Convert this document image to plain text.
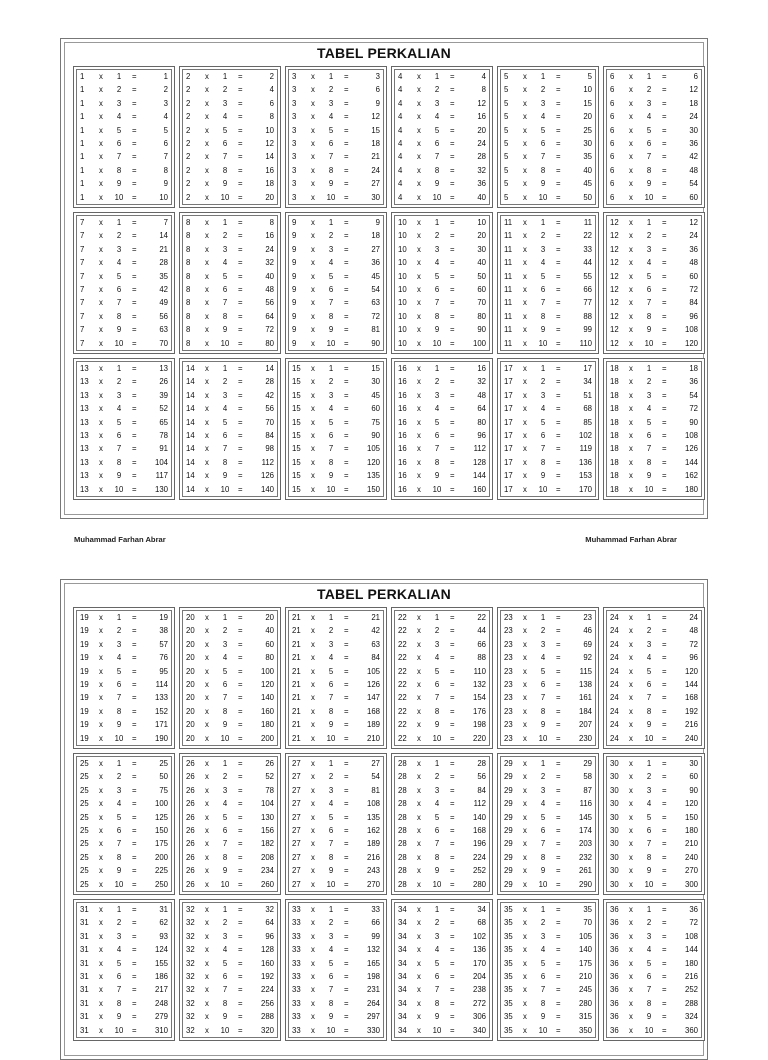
TABEL PERKALIAN
1 x	1	=	1
1 x	2	=	2
1 x	3	=	3
1 x	4	=	4
1 x	5	=	5
1 x	6	=	6
1 x	7	=	7
1 x	8	=	8
1 x	9	=	9
1 x	10	=	10
2 x	1	=	2
2 x	2	=	4
2 x	3	=	6
2 x	4	=	8
2 x	5	=	10
2 x	6	=	12
2 x	7	=	14
2 x	8	=	16
2 x	9	=	18
2 x	10	=	20
3 x	1	=	3
3 x	2	=	6
3 x	3	=	9
3 x	4	=	12
3 x	5	=	15
3 x	6	=	18
3 x	7	=	21
3 x	8	=	24
3 x	9	=	27
3 x	10	=	30
4 x	1	=	4
4 x	2	=	8
4 x	3	=	12
4 x	4	=	16
4 x	5	=	20
4 x	6	=	24
4 x	7	=	28
4 x	8	=	32
4 x	9	=	36
4 x	10	=	40
5 x	1	=	5
5 x	2	=	10
5 x	3	=	15
5 x	4	=	20
5 x	5	=	25
5 x	6	=	30
5 x	7	=	35
5 x	8	=	40
5 x	9	=	45
5 x	10	=	50
6 x	1	=	6
6 x	2	=	12
6 x	3	=	18
6 x	4	=	24
6 x	5	=	30
6 x	6	=	36
6 x	7	=	42
6 x	8	=	48
6 x	9	=	54
6 x	10	=	60
7 x	1	=	7
7 x	2	=	14
7 x	3	=	21
7 x	4	=	28
7 x	5	=	35
7 x	6	=	42
7 x	7	=	49
7 x	8	=	56
7 x	9	=	63
7 x	10	=	70
8 x	1	=	8
8 x	2	=	16
8 x	3	=	24
8 x	4	=	32
8 x	5	=	40
8 x	6	=	48
8 x	7	=	56
8 x	8	=	64
8 x	9	=	72
8 x	10	=	80
9 x	1	=	9
9 x	2	=	18
9 x	3	=	27
9 x	4	=	36
9 x	5	=	45
9 x	6	=	54
9 x	7	=	63
9 x	8	=	72
9 x	9	=	81
9 x	10	=	90
10 x	1	=	10
10 x	2	=	20
10 x	3	=	30
10 x	4	=	40
10 x	5	=	50
10 x	6	=	60
10 x	7	=	70
10 x	8	=	80
10 x	9	=	90
10 x	10	= 100
11 x	1	=	11
11 x	2	=	22
11 x	3	=	33
11 x	4	=	44
11 x	5	=	55
11 x	6	=	66
11 x	7	=	77
11 x	8	=	88
11 x	9	=	99
11 x	10	= 110
12 x	1	=	12
12 x	2	=	24
12 x	3	=	36
12 x	4	=	48
12 x	5	=	60
12 x	6	=	72
12 x	7	=	84
12 x	8	=	96
12 x	9	= 108
12 x	10	= 120
13 x	1	=	13
13 x	2	=	26
13 x	3	=	39
13 x	4	=	52
13 x	5	=	65
13 x	6	=	78
13 x	7	=	91
13 x	8	= 104
13 x	9	= 117
13 x	10	= 130
14 x	1	=	14
14 x	2	=	28
14 x	3	=	42
14 x	4	=	56
14 x	5	=	70
14 x	6	=	84
14 x	7	=	98
14 x	8	= 112
14 x	9	= 126
14 x	10	= 140
15 x	1	=	15
15 x	2	=	30
15 x	3	=	45
15 x	4	=	60
15 x	5	=	75
15 x	6	=	90
15 x	7	= 105
15 x	8	= 120
15 x	9	= 135
15 x	10	= 150
16 x	1	=	16
16 x	2	=	32
16 x	3	=	48
16 x	4	=	64
16 x	5	=	80
16 x	6	=	96
16 x	7	= 112
16 x	8	= 128
16 x	9	= 144
16 x	10	= 160
17 x	1	=	17
17 x	2	=	34
17 x	3	=	51
17 x	4	=	68
17 x	5	=	85
17 x	6	= 102
17 x	7	= 119
17 x	8	= 136
17 x	9	= 153
17 x	10	= 170
18 x	1	=	18
18 x	2	=	36
18 x	3	=	54
18 x	4	=	72
18 x	5	=	90
18 x	6	= 108
18 x	7	= 126
18 x	8	= 144
18 x	9	= 162
18 x	10	= 180
Muhammad Farhan Abrar	Muhammad Farhan Abrar
TABEL PERKALIAN
19 x	1	=	19
19 x	2	=	38
19 x	3	=	57
19 x	4	=	76
19 x	5	=	95
19 x	6	= 114
19 x	7	= 133
19 x	8	= 152
19 x	9	= 171
19 x	10	= 190
20 x	1	=	20
20 x	2	=	40
20 x	3	=	60
20 x	4	=	80
20 x	5	= 100
20 x	6	= 120
20 x	7	= 140
20 x	8	= 160
20 x	9	= 180
20 x	10	= 200
21 x	1	=	21
21 x	2	=	42
21 x	3	=	63
21 x	4	=	84
21 x	5	= 105
21 x	6	= 126
21 x	7	= 147
21 x	8	= 168
21 x	9	= 189
21 x	10	= 210
22 x	1	=	22
22 x	2	=	44
22 x	3	=	66
22 x	4	=	88
22 x	5	= 110
22 x	6	= 132
22 x	7	= 154
22 x	8	= 176
22 x	9	= 198
22 x	10	= 220
23 x	1	=	23
23 x	2	=	46
23 x	3	=	69
23 x	4	=	92
23 x	5	= 115
23 x	6	= 138
23 x	7	= 161
23 x	8	= 184
23 x	9	= 207
23 x	10	= 230
24 x	1	=	24
24 x	2	=	48
24 x	3	=	72
24 x	4	=	96
24 x	5	= 120
24 x	6	= 144
24 x	7	= 168
24 x	8	= 192
24 x	9	= 216
24 x	10	= 240
25 x	1	=	25
25 x	2	=	50
25 x	3	=	75
25 x	4	= 100
25 x	5	= 125
25 x	6	= 150
25 x	7	= 175
25 x	8	= 200
25 x	9	= 225
25 x	10	= 250
26 x	1	=	26
26 x	2	=	52
26 x	3	=	78
26 x	4	= 104
26 x	5	= 130
26 x	6	= 156
26 x	7	= 182
26 x	8	= 208
26 x	9	= 234
26 x	10	= 260
27 x	1	=	27
27 x	2	=	54
27 x	3	=	81
27 x	4	= 108
27 x	5	= 135
27 x	6	= 162
27 x	7	= 189
27 x	8	= 216
27 x	9	= 243
27 x	10	= 270
28 x	1	=	28
28 x	2	=	56
28 x	3	=	84
28 x	4	= 112
28 x	5	= 140
28 x	6	= 168
28 x	7	= 196
28 x	8	= 224
28 x	9	= 252
28 x	10	= 280
29 x	1	=	29
29 x	2	=	58
29 x	3	=	87
29 x	4	= 116
29 x	5	= 145
29 x	6	= 174
29 x	7	= 203
29 x	8	= 232
29 x	9	= 261
29 x	10	= 290
30 x	1	=	30
30 x	2	=	60
30 x	3	=	90
30 x	4	= 120
30 x	5	= 150
30 x	6	= 180
30 x	7	= 210
30 x	8	= 240
30 x	9	= 270
30 x	10	= 300
31 x	1	=	31
31 x	2	=	62
31 x	3	=	93
31 x	4	= 124
31 x	5	= 155
31 x	6	= 186
31 x	7	= 217
31 x	8	= 248
31 x	9	= 279
31 x	10	= 310
32 x	1	=	32
32 x	2	=	64
32 x	3	=	96
32 x	4	= 128
32 x	5	= 160
32 x	6	= 192
32 x	7	= 224
32 x	8	= 256
32 x	9	= 288
32 x	10	= 320
33 x	1	=	33
33 x	2	=	66
33 x	3	=	99
33 x	4	= 132
33 x	5	= 165
33 x	6	= 198
33 x	7	= 231
33 x	8	= 264
33 x	9	= 297
33 x	10	= 330
34 x	1	=	34
34 x	2	=	68
34 x	3	= 102
34 x	4	= 136
34 x	5	= 170
34 x	6	= 204
34 x	7	= 238
34 x	8	= 272
34 x	9	= 306
34 x	10	= 340
35 x	1	=	35
35 x	2	=	70
35 x	3	= 105
35 x	4	= 140
35 x	5	= 175
35 x	6	= 210
35 x	7	= 245
35 x	8	= 280
35 x	9	= 315
35 x	10	= 350
36 x	1	=	36
36 x	2	=	72
36 x	3	= 108
36 x	4	= 144
36 x	5	= 180
36 x	6	= 216
36 x	7	= 252
36 x	8	= 288
36 x	9	= 324
36 x	10	= 360
